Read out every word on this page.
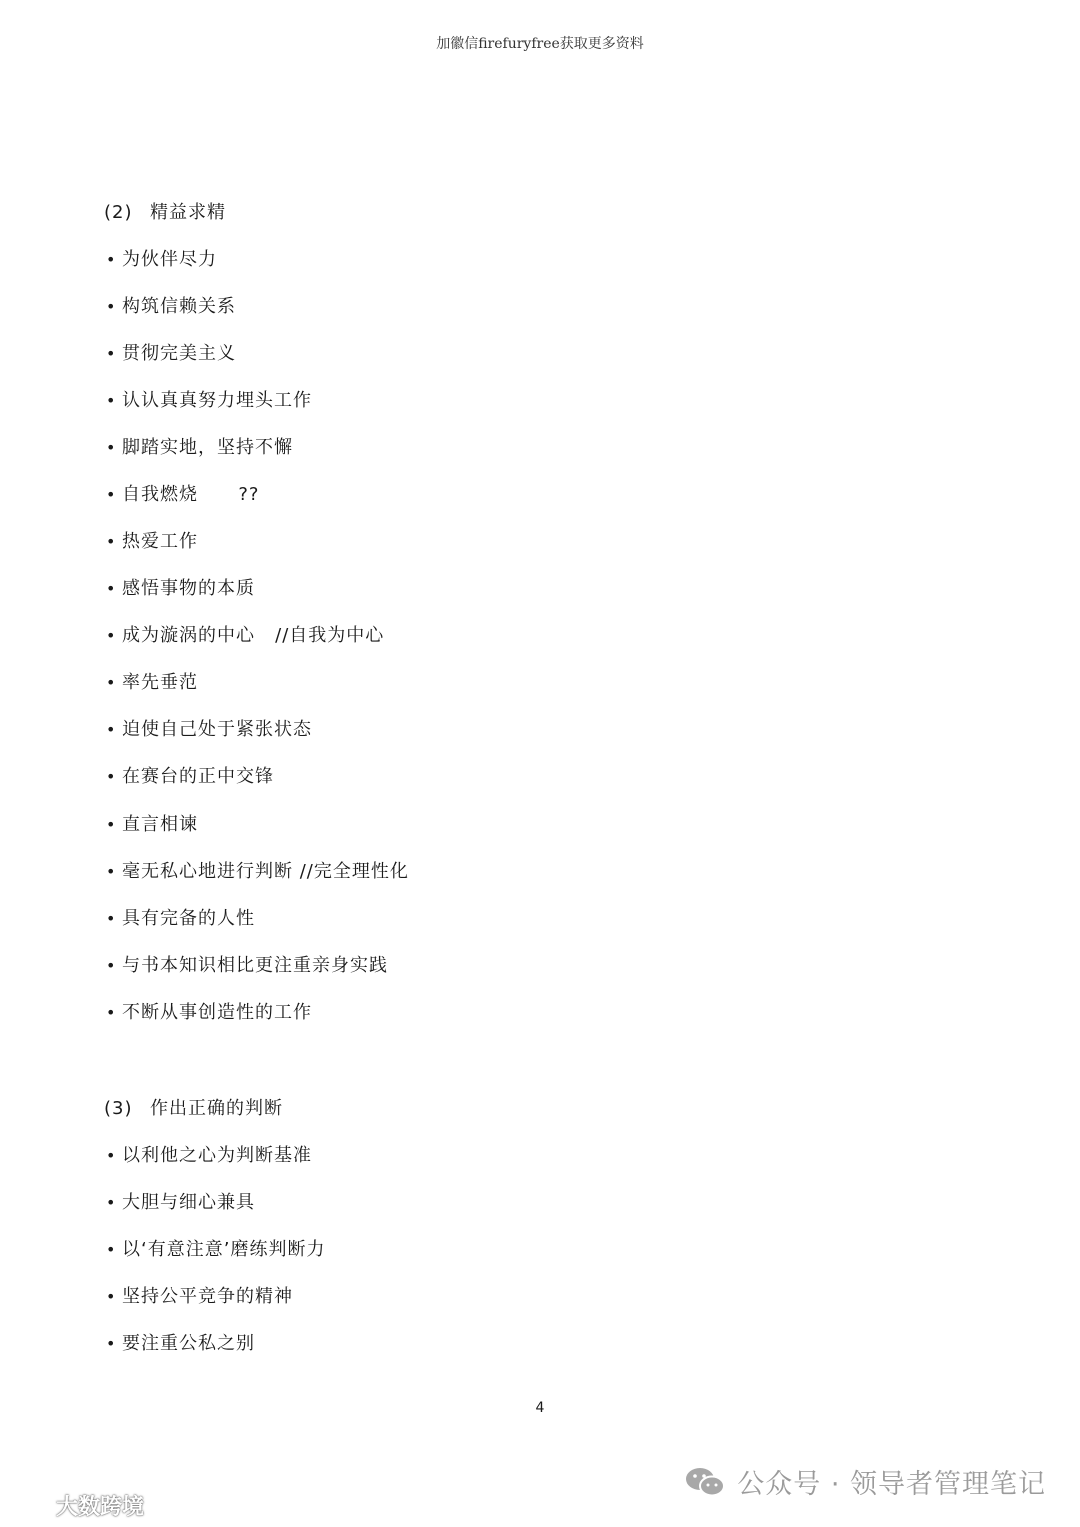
加徽信firefuryfree获取更多资料
(2) 精益求精
• 为伙伴尽力
• 构筑信赖关系
• 贯彻完美主义
• 认认真真努力埋头工作
• 脚踏实地，坚持不懈
• 自我燃烧      ??
• 热爱工作
• 感悟事物的本质
• 成为漩涡的中心   //自我为中心
• 率先垂范
• 迫使自己处于紧张状态
• 在赛台的正中交锋
• 直言相谏
• 毫无私心地进行判断 //完全理性化
• 具有完备的人性
• 与书本知识相比更注重亲身实践
• 不断从事创造性的工作
(3) 作出正确的判断
• 以利他之心为判断基准
• 大胆与细心兼具
• 以‘有意注意’磨练判断力
• 坚持公平竞争的精神
• 要注重公私之别
4
公众号 · 领导者管理笔记
大数跨境
